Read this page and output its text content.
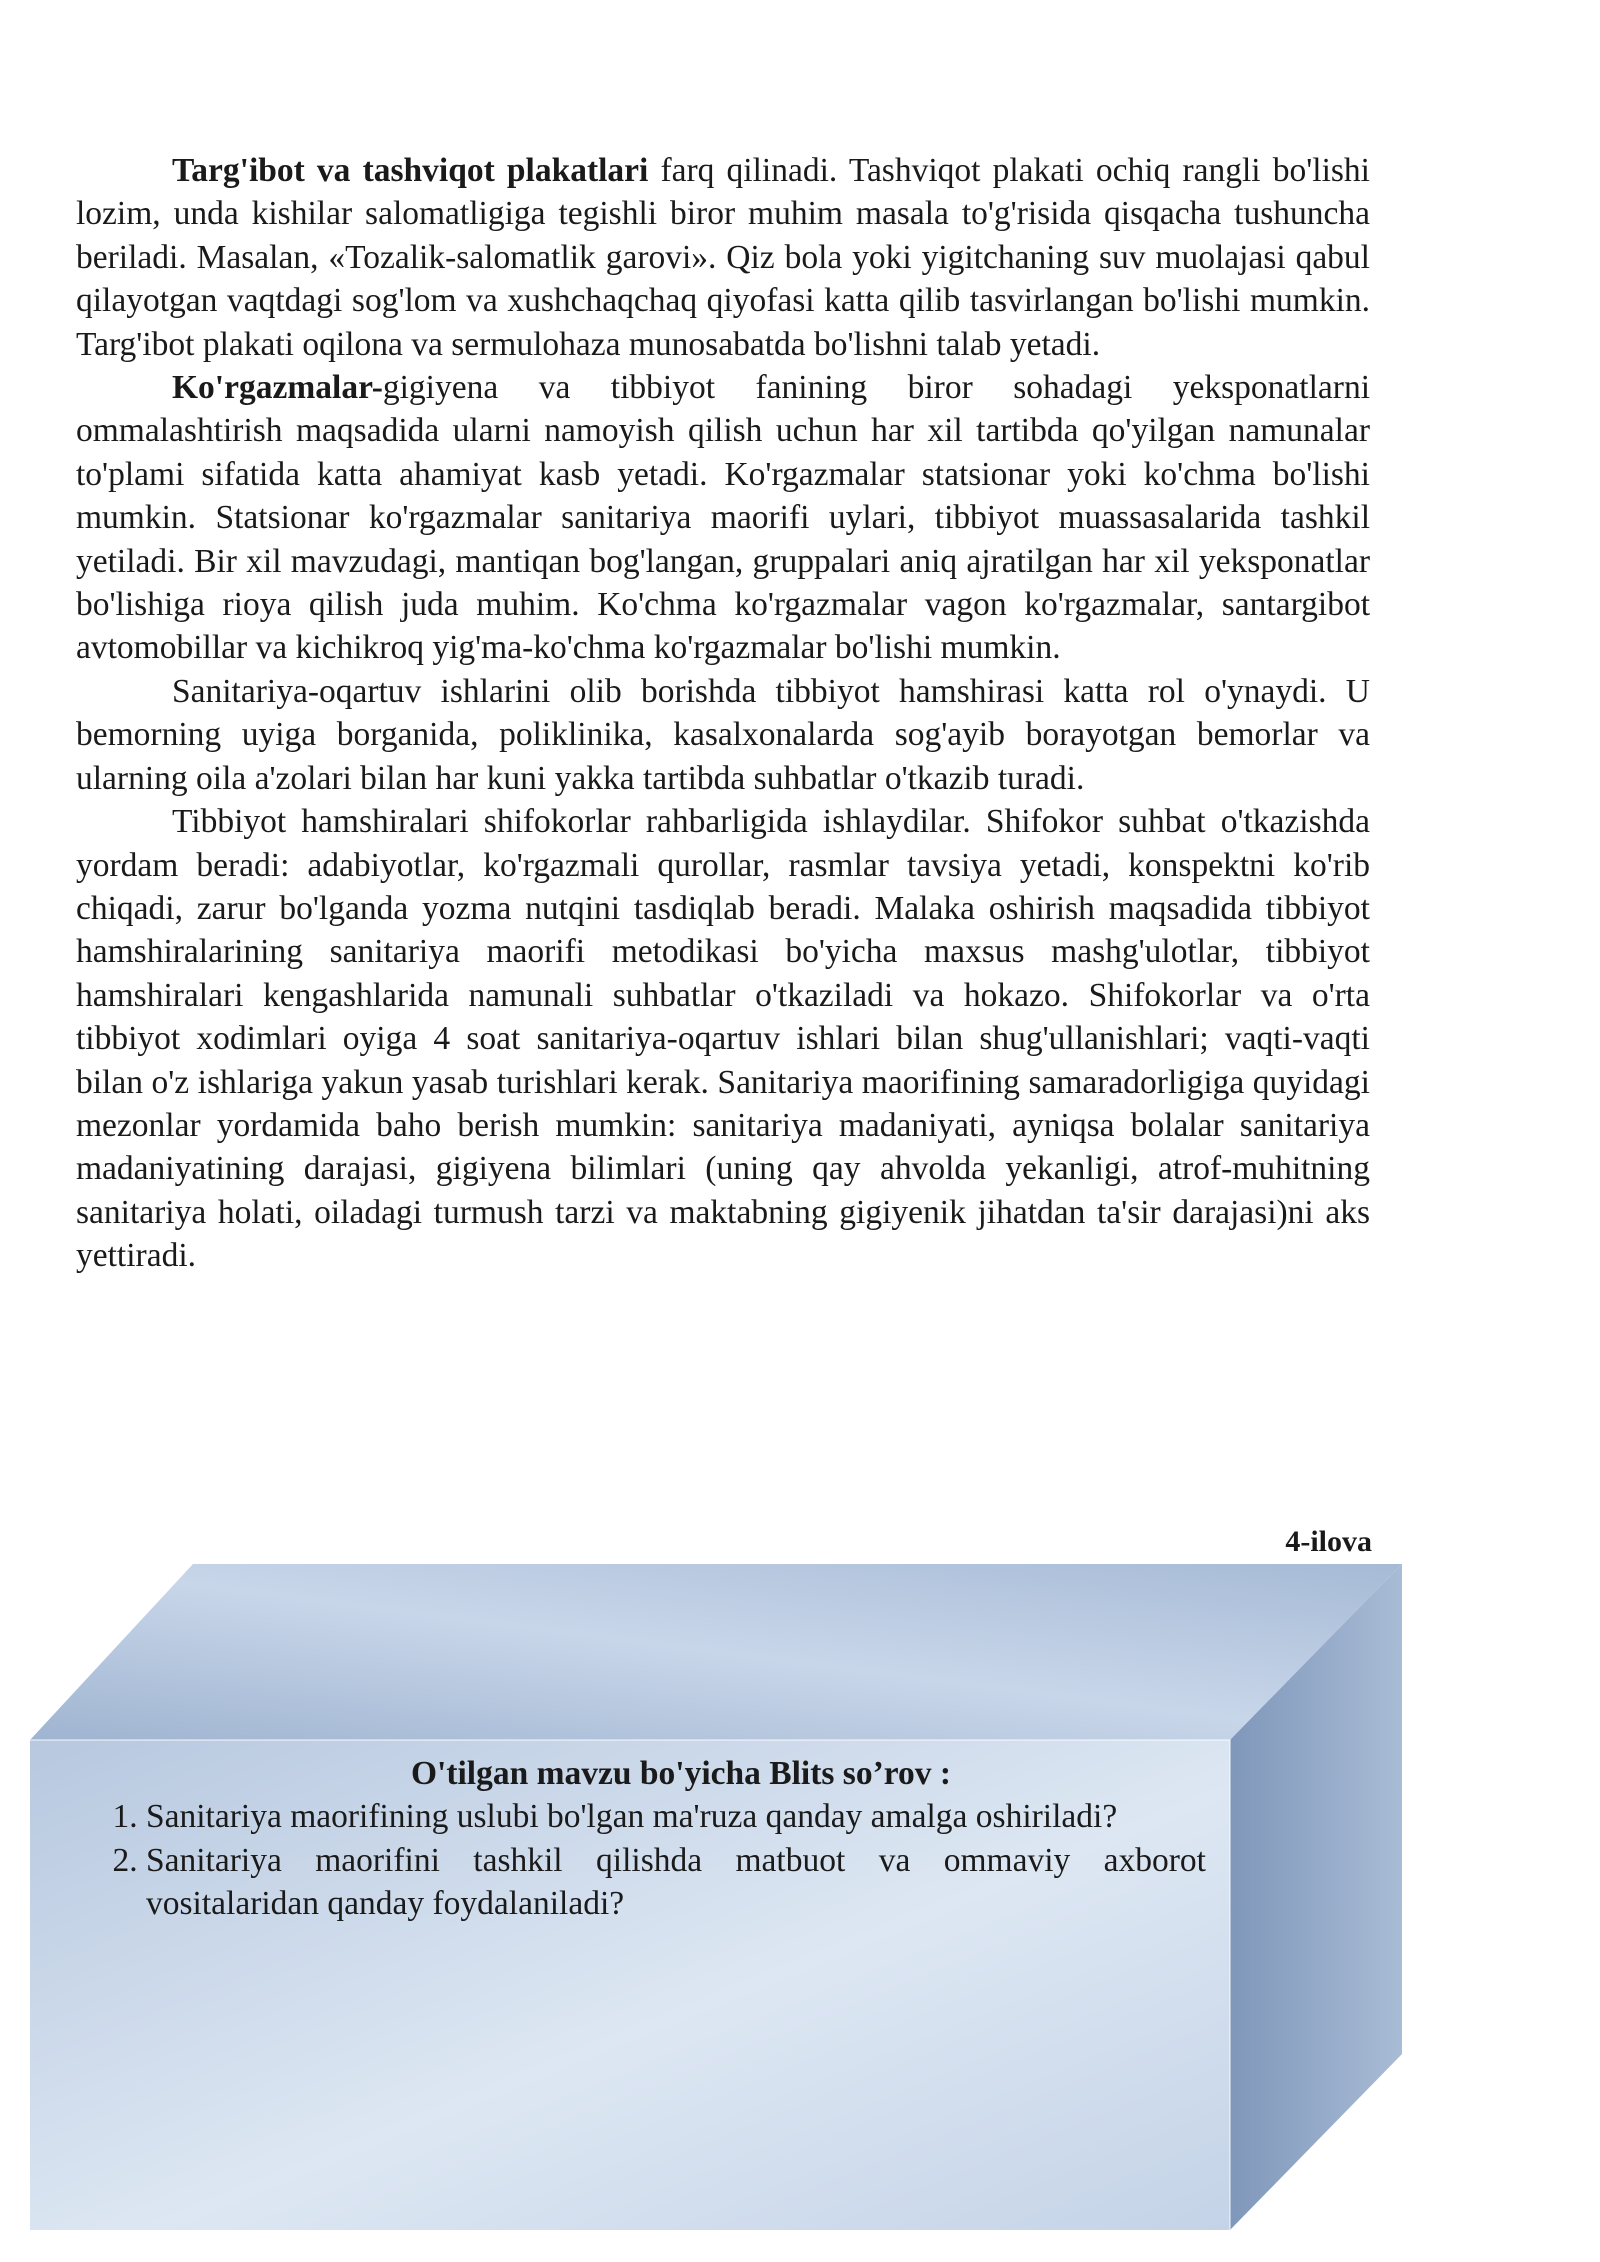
Targ'ibot va tashviqot plakatlari farq qilinadi. Tashviqot plakati ochiq rangli bo'lishi lozim, unda kishilar salomatligiga tegishli biror muhim masala to'g'risida qisqacha tushuncha beriladi. Masalan, «Tozalik-salomatlik garovi». Qiz bola yoki yigitchaning suv muolajasi qabul qilayotgan vaqtdagi sog'lom va xushchaqchaq qiyofasi katta qilib tasvirlangan bo'lishi mumkin. Targ'ibot plakati oqilona va sermulohaza munosabatda bo'lishni talab yetadi.

Ko'rgazmalar-gigiyena va tibbiyot fanining biror sohadagi yeksponatlarni ommalashtirish maqsadida ularni namoyish qilish uchun har xil tartibda qo'yilgan namunalar to'plami sifatida katta ahamiyat kasb yetadi. Ko'rgazmalar statsionar yoki ko'chma bo'lishi mumkin. Statsionar ko'rgazmalar sanitariya maorifi uylari, tibbiyot muassasalarida tashkil yetiladi. Bir xil mavzudagi, mantiqan bog'langan, gruppalari aniq ajratilgan har xil yeksponatlar bo'lishiga rioya qilish juda muhim. Ko'chma ko'rgazmalar vagon ko'rgazmalar, santargibot avtomobillar va kichikroq yig'ma-ko'chma ko'rgazmalar bo'lishi mumkin.

Sanitariya-oqartuv ishlarini olib borishda tibbiyot hamshirasi katta rol o'ynaydi. U bemorning uyiga borganida, poliklinika, kasalxonalarda sog'ayib borayotgan bemorlar va ularning oila a'zolari bilan har kuni yakka tartibda suhbatlar o'tkazib turadi.

Tibbiyot hamshiralari shifokorlar rahbarligida ishlaydilar. Shifokor suhbat o'tkazishda yordam beradi: adabiyotlar, ko'rgazmali qurollar, rasmlar tavsiya yetadi, konspektni ko'rib chiqadi, zarur bo'lganda yozma nutqini tasdiqlab beradi. Malaka oshirish maqsadida tibbiyot hamshiralarining sanitariya maorifi metodikasi bo'yicha maxsus mashg'ulotlar, tibbiyot hamshiralari kengashlarida namunali suhbatlar o'tkaziladi va hokazo. Shifokorlar va o'rta tibbiyot xodimlari oyiga 4 soat sanitariya-oqartuv ishlari bilan shug'ullanishlari; vaqti-vaqti bilan o'z ishlariga yakun yasab turishlari kerak. Sanitariya maorifining samaradorligiga quyidagi mezonlar yordamida baho berish mumkin: sanitariya madaniyati, ayniqsa bolalar sanitariya madaniyatining darajasi, gigiyena bilimlari (uning qay ahvolda yekanligi, atrof-muhitning sanitariya holati, oiladagi turmush tarzi va maktabning gigiyenik jihatdan ta'sir darajasi)ni aks yettiradi.

4-ilova
O'tilgan mavzu bo'yicha Blits so’rov :
1. Sanitariya maorifining uslubi bo'lgan ma'ruza qanday amalga oshiriladi?
2. Sanitariya maorifini tashkil qilishda matbuot va ommaviy axborot vositalaridan qanday foydalaniladi?
